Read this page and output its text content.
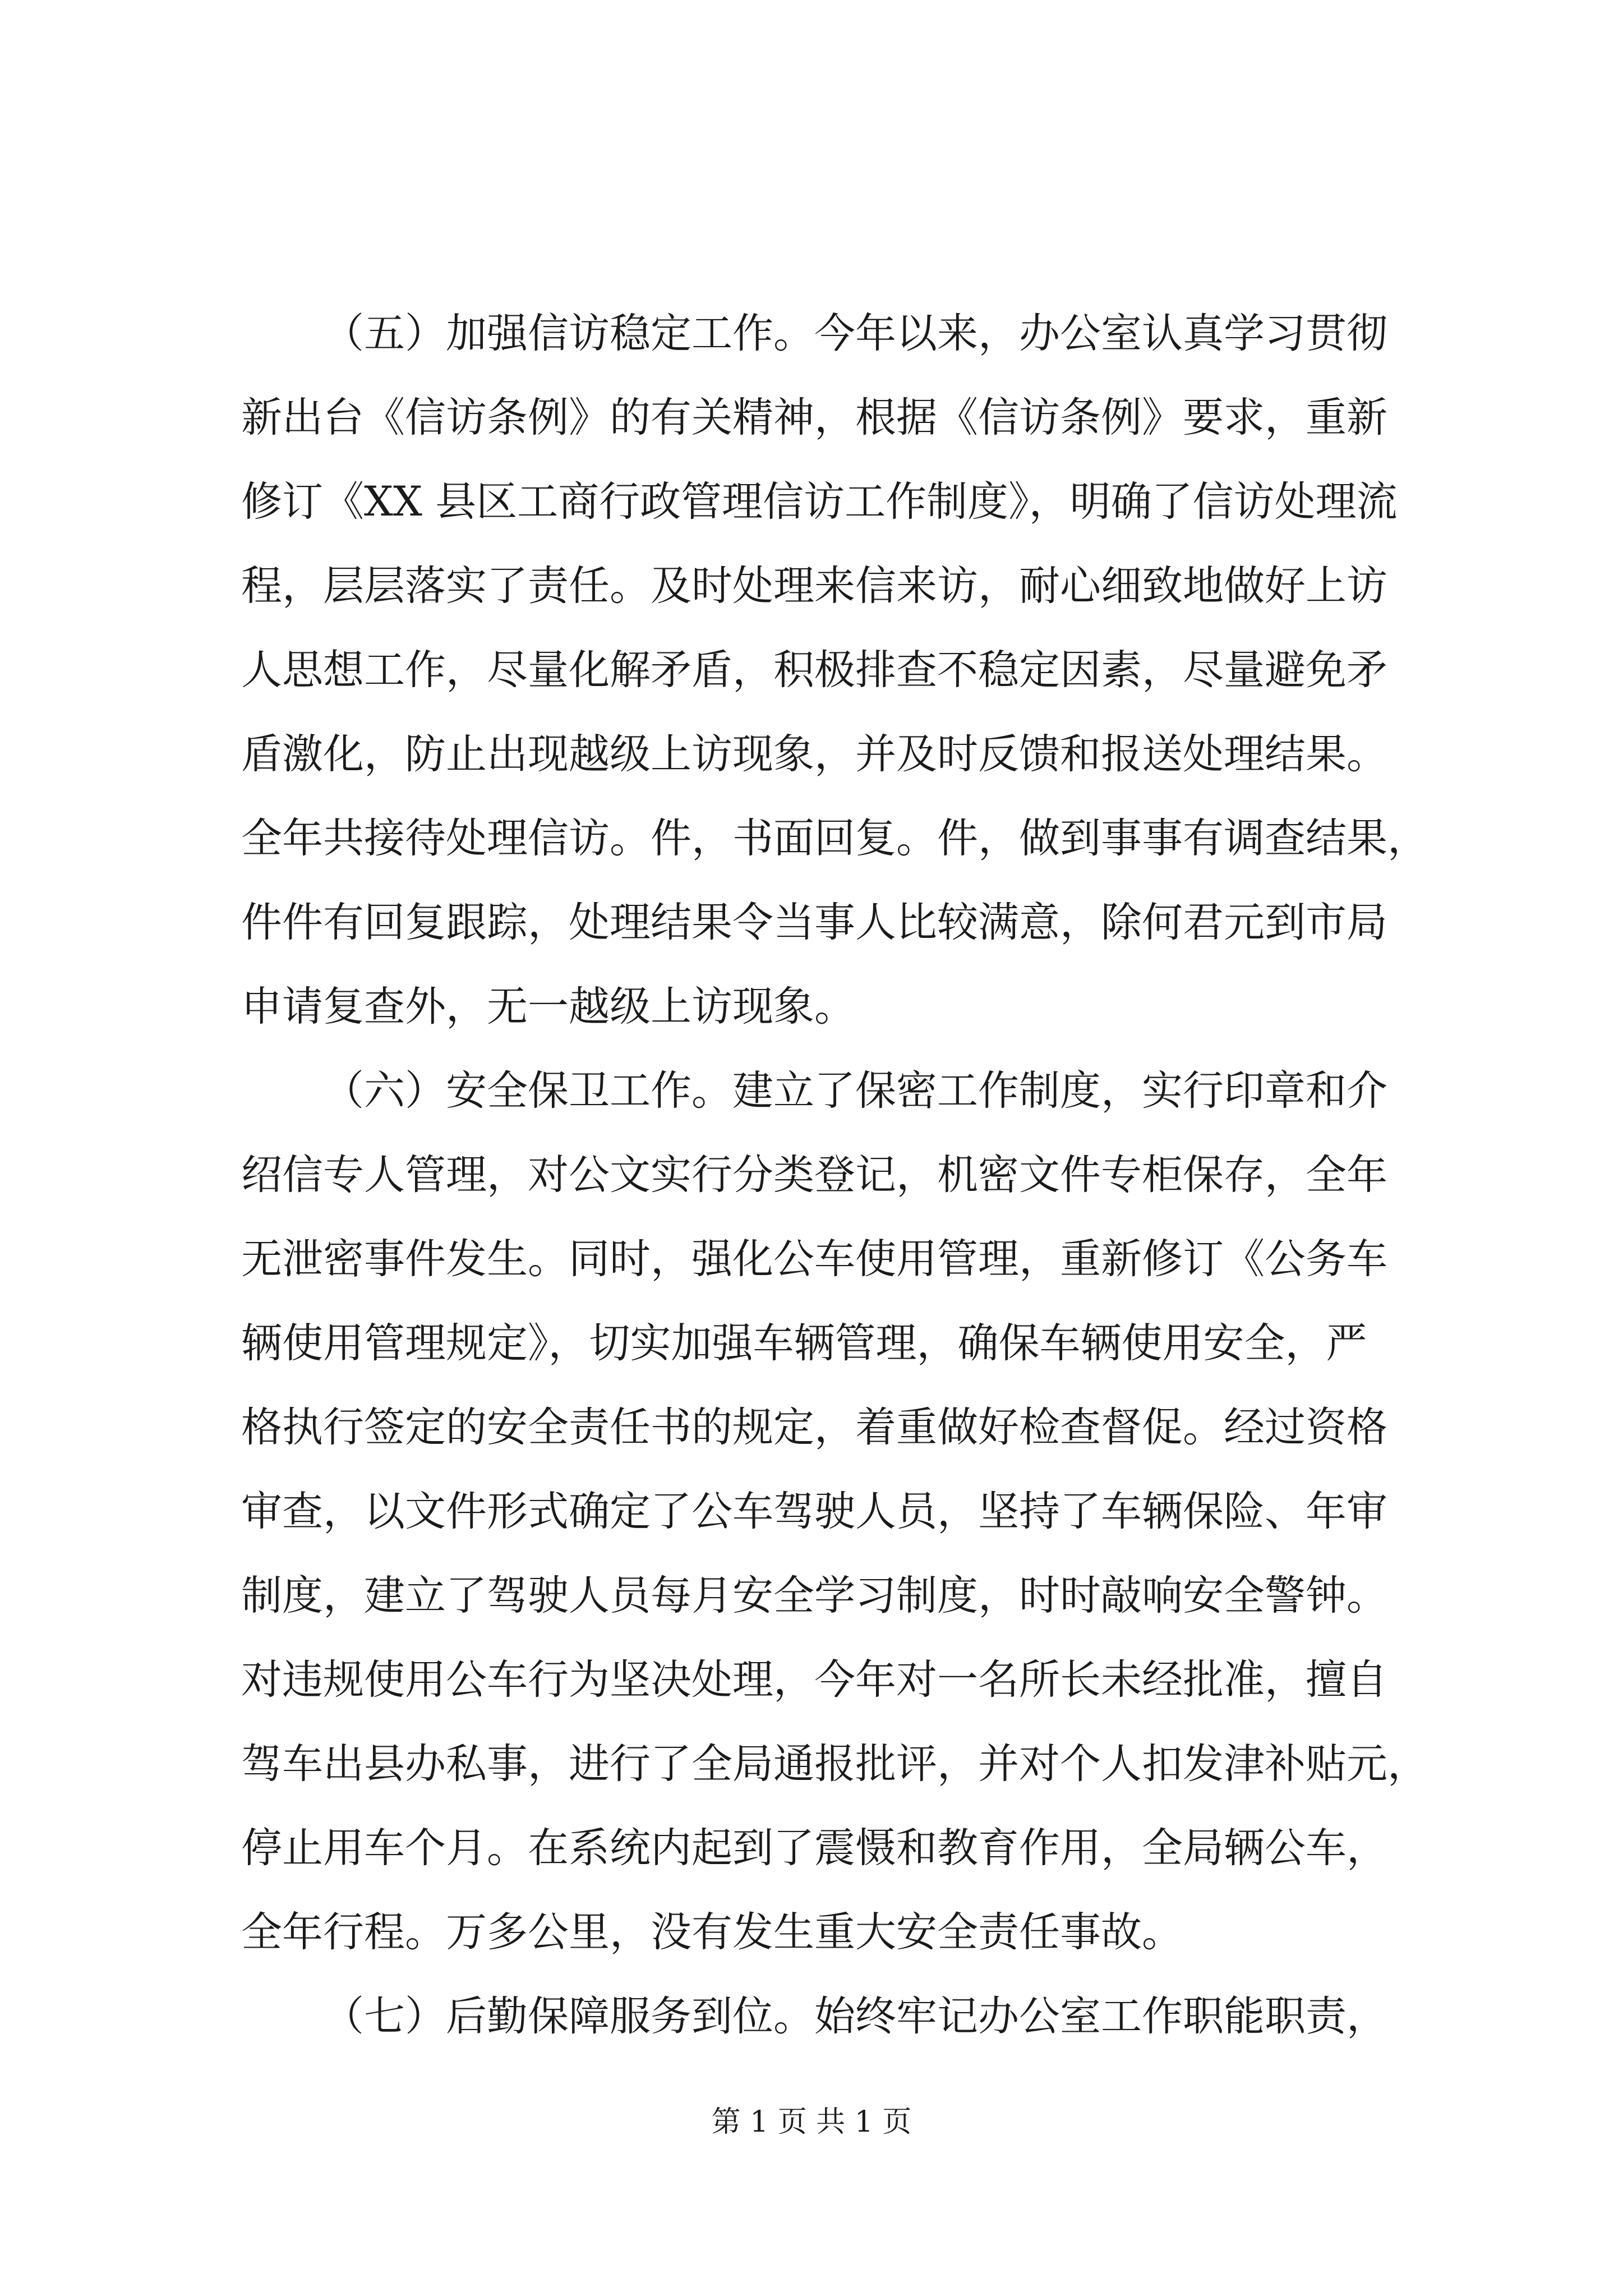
（五）加强信访稳定工作。今年以来，办公室认真学习贯彻
新出台《信访条例》的有关精神，根据《信访条例》要求，重新
修订《XX 县区工商行政管理信访工作制度》，明确了信访处理流
程，层层落实了责任。及时处理来信来访，耐心细致地做好上访
人思想工作，尽量化解矛盾，积极排查不稳定因素，尽量避免矛
盾激化，防止出现越级上访现象，并及时反馈和报送处理结果。
全年共接待处理信访。件，书面回复。件，做到事事有调查结果，
件件有回复跟踪，处理结果令当事人比较满意，除何君元到市局
申请复查外，无一越级上访现象。
（六）安全保卫工作。建立了保密工作制度，实行印章和介
绍信专人管理，对公文实行分类登记，机密文件专柜保存，全年
无泄密事件发生。同时，强化公车使用管理，重新修订《公务车
辆使用管理规定》，切实加强车辆管理，确保车辆使用安全，严
格执行签定的安全责任书的规定，着重做好检查督促。经过资格
审查，以文件形式确定了公车驾驶人员，坚持了车辆保险、年审
制度，建立了驾驶人员每月安全学习制度，时时敲响安全警钟。
对违规使用公车行为坚决处理，今年对一名所长未经批准，擅自
驾车出县办私事，进行了全局通报批评，并对个人扣发津补贴元，
停止用车个月。在系统内起到了震慑和教育作用，全局辆公车，
全年行程。万多公里，没有发生重大安全责任事故。
（七）后勤保障服务到位。始终牢记办公室工作职能职责，
第 1 页 共 1 页
